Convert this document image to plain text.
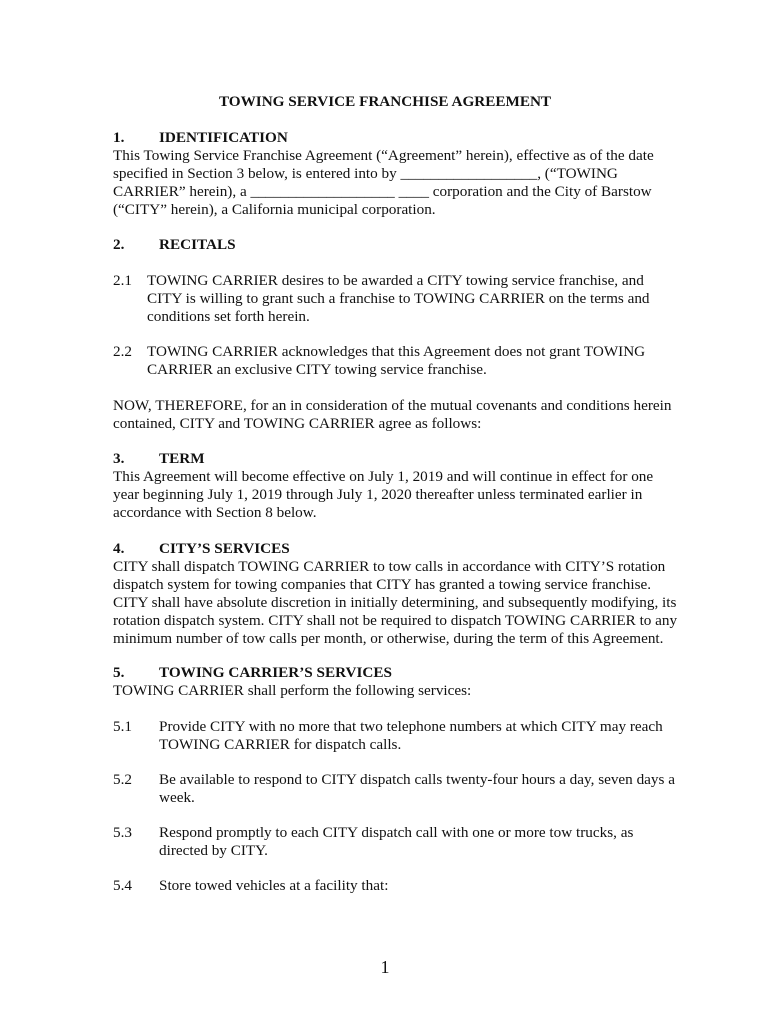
TOWING SERVICE FRANCHISE AGREEMENT
1. IDENTIFICATION

This Towing Service Franchise Agreement (“Agreement” herein), effective as of the date specified in Section 3 below, is entered into by __________________, (“TOWING CARRIER” herein), a ___________________ ____ corporation and the City of Barstow (“CITY” herein), a California municipal corporation.

2. RECITALS
2.1 TOWING CARRIER desires to be awarded a CITY towing service franchise, and CITY is willing to grant such a franchise to TOWING CARRIER on the terms and conditions set forth herein.
2.2 TOWING CARRIER acknowledges that this Agreement does not grant TOWING CARRIER an exclusive CITY towing service franchise.

NOW, THEREFORE, for an in consideration of the mutual covenants and conditions herein contained, CITY and TOWING CARRIER agree as follows:

3. TERM

This Agreement will become effective on July 1, 2019 and will continue in effect for one year beginning July 1, 2019 through July 1, 2020 thereafter unless terminated earlier in accordance with Section 8 below.

4. CITY’S SERVICES

CITY shall dispatch TOWING CARRIER to tow calls in accordance with CITY’S rotation dispatch system for towing companies that CITY has granted a towing service franchise. CITY shall have absolute discretion in initially determining, and subsequently modifying, its rotation dispatch system. CITY shall not be required to dispatch TOWING CARRIER to any minimum number of tow calls per month, or otherwise, during the term of this Agreement.

5. TOWING CARRIER’S SERVICES

TOWING CARRIER shall perform the following services:

5.1 Provide CITY with no more that two telephone numbers at which CITY may reach TOWING CARRIER for dispatch calls.
5.2 Be available to respond to CITY dispatch calls twenty-four hours a day, seven days a week.
5.3 Respond promptly to each CITY dispatch call with one or more tow trucks, as directed by CITY.
5.4 Store towed vehicles at a facility that:
1
